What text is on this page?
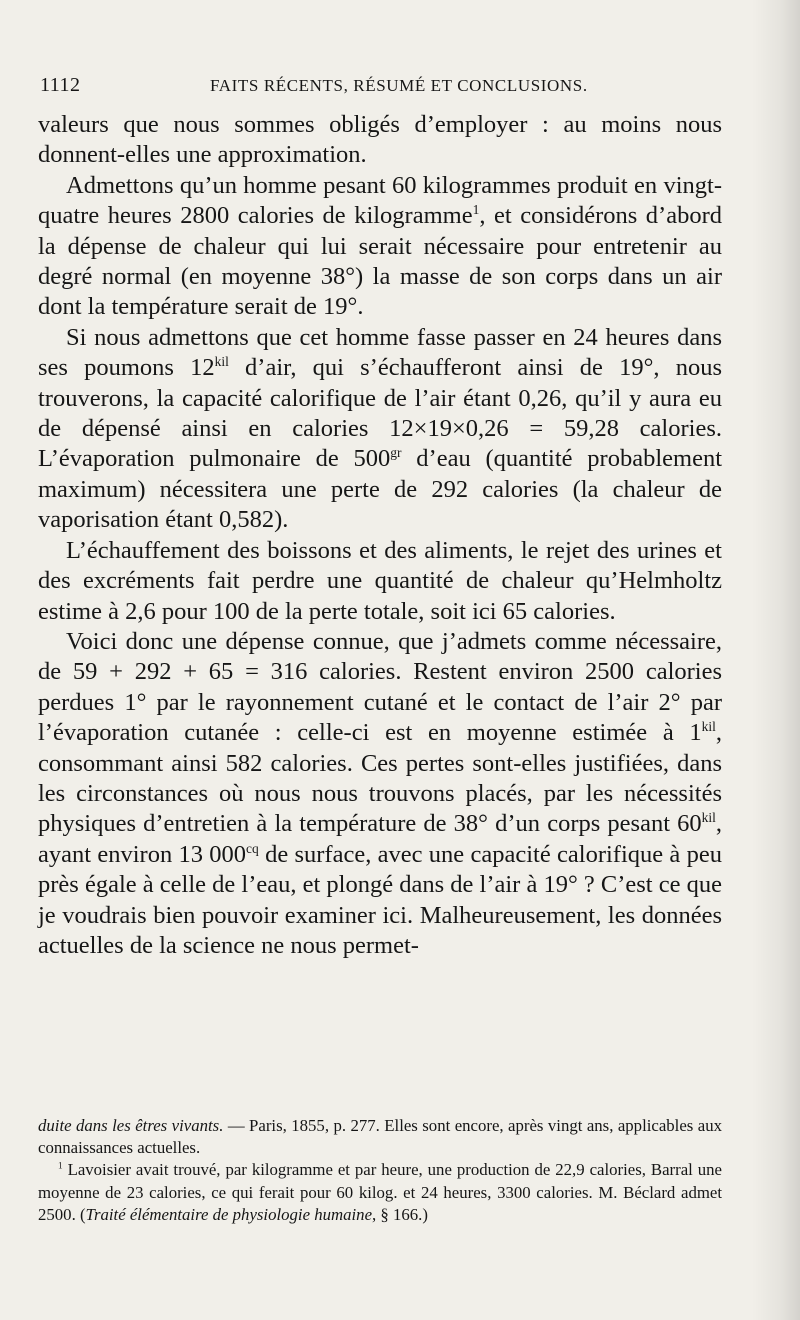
1112	FAITS RÉCENTS, RÉSUMÉ ET CONCLUSIONS.

valeurs que nous sommes obligés d’employer : au moins nous donnent-elles une approximation.

Admettons qu’un homme pesant 60 kilogrammes produit en vingt-quatre heures 2800 calories de kilogramme$^1$, et considérons d’abord la dépense de chaleur qui lui serait nécessaire pour entretenir au degré normal (en moyenne 38°) la masse de son corps dans un air dont la température serait de 19°.

Si nous admettons que cet homme fasse passer en 24 heures dans ses poumons $12^{kil}$ d’air, qui s’échaufferont ainsi de 19°, nous trouverons, la capacité calorifique de l’air étant 0,26, qu’il y aura eu de dépensé ainsi en calories 12×19×0,26 = 59,28 calories. L’évaporation pulmonaire de $500^{gr}$ d’eau (quantité probablement maximum) nécessitera une perte de 292 calories (la chaleur de vaporisation étant 0,582).

L’échauffement des boissons et des aliments, le rejet des urines et des excréments fait perdre une quantité de chaleur qu’Helmholtz estime à 2,6 pour 100 de la perte totale, soit ici 65 calories.

Voici donc une dépense connue, que j’admets comme nécessaire, de 59 + 292 + 65 = 316 calories. Restent environ 2500 calories perdues 1° par le rayonnement cutané et le contact de l’air 2° par l’évaporation cutanée : celle-ci est en moyenne estimée à $1^{kil}$, consommant ainsi 582 calories. Ces pertes sont-elles justifiées, dans les circonstances où nous nous trouvons placés, par les nécessités physiques d’entretien à la température de 38° d’un corps pesant $60^{kil}$, ayant environ 13 $000^{cq}$ de surface, avec une capacité calorifique à peu près égale à celle de l’eau, et plongé dans de l’air à 19° ? C’est ce que je voudrais bien pouvoir examiner ici. Malheureusement, les données actuelles de la science ne nous permet-

duite dans les êtres vivants. — Paris, 1855, p. 277. Elles sont encore, après vingt ans, applicables aux connaissances actuelles.

$^1$ Lavoisier avait trouvé, par kilogramme et par heure, une production de 22,9 calories, Barral une moyenne de 23 calories, ce qui ferait pour 60 kilog. et 24 heures, 3300 calories. M. Béclard admet 2500. (Traité élémentaire de physiologie humaine, § 166.)
